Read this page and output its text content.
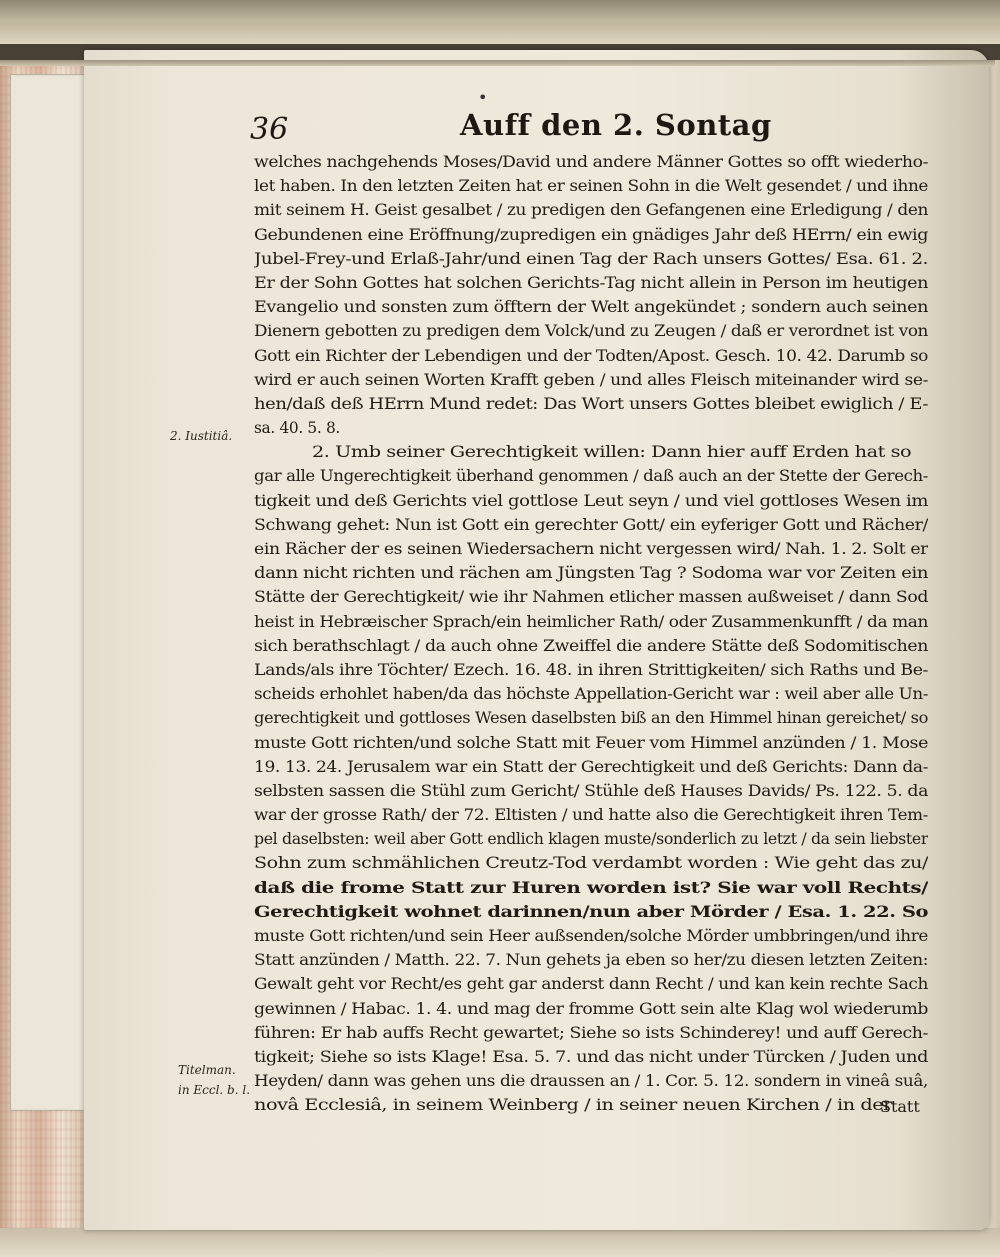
•
36	Auff den 2. Sontag
2. Iustitiâ.
Titelman.
in Eccl. b. l.
welches nachgehends Moses/David und andere Männer Gottes so offt wiederho-
let haben. In den letzten Zeiten hat er seinen Sohn in die Welt gesendet / und ihne
mit seinem H. Geist gesalbet / zu predigen den Gefangenen eine Erledigung / den
Gebundenen eine Eröffnung/zupredigen ein gnädiges Jahr deß HErrn/ ein ewig
Jubel-Frey-und Erlaß-Jahr/und einen Tag der Rach unsers Gottes/ Esa. 61. 2.
Er der Sohn Gottes hat solchen Gerichts-Tag nicht allein in Person im heutigen
Evangelio und sonsten zum öfftern der Welt angekündet ; sondern auch seinen
Dienern gebotten zu predigen dem Volck/und zu Zeugen / daß er verordnet ist von
Gott ein Richter der Lebendigen und der Todten/Apost. Gesch. 10. 42. Darumb so
wird er auch seinen Worten Krafft geben / und alles Fleisch miteinander wird se-
hen/daß deß HErrn Mund redet: Das Wort unsers Gottes bleibet ewiglich / E-
sa. 40. 5. 8.
2. Umb seiner Gerechtigkeit willen: Dann hier auff Erden hat so
gar alle Ungerechtigkeit überhand genommen / daß auch an der Stette der Gerech-
tigkeit und deß Gerichts viel gottlose Leut seyn / und viel gottloses Wesen im
Schwang gehet: Nun ist Gott ein gerechter Gott/ ein eyferiger Gott und Rächer/
ein Rächer der es seinen Wiedersachern nicht vergessen wird/ Nah. 1. 2. Solt er
dann nicht richten und rächen am Jüngsten Tag ? Sodoma war vor Zeiten ein
Stätte der Gerechtigkeit/ wie ihr Nahmen etlicher massen außweiset / dann Sod
heist in Hebræischer Sprach/ein heimlicher Rath/ oder Zusammenkunfft / da man
sich berathschlagt / da auch ohne Zweiffel die andere Stätte deß Sodomitischen
Lands/als ihre Töchter/ Ezech. 16. 48. in ihren Strittigkeiten/ sich Raths und Be-
scheids erhohlet haben/da das höchste Appellation-Gericht war : weil aber alle Un-
gerechtigkeit und gottloses Wesen daselbsten biß an den Himmel hinan gereichet/ so
muste Gott richten/und solche Statt mit Feuer vom Himmel anzünden / 1. Mose
19. 13. 24. Jerusalem war ein Statt der Gerechtigkeit und deß Gerichts: Dann da-
selbsten sassen die Stühl zum Gericht/ Stühle deß Hauses Davids/ Ps. 122. 5. da
war der grosse Rath/ der 72. Eltisten / und hatte also die Gerechtigkeit ihren Tem-
pel daselbsten: weil aber Gott endlich klagen muste/sonderlich zu letzt / da sein liebster
Sohn zum schmählichen Creutz-Tod verdambt worden : Wie geht das zu/
daß die frome Statt zur Huren worden ist? Sie war voll Rechts/
Gerechtigkeit wohnet darinnen/nun aber Mörder / Esa. 1. 22. So
muste Gott richten/und sein Heer außsenden/solche Mörder umbbringen/und ihre
Statt anzünden / Matth. 22. 7. Nun gehets ja eben so her/zu diesen letzten Zeiten:
Gewalt geht vor Recht/es geht gar anderst dann Recht / und kan kein rechte Sach
gewinnen / Habac. 1. 4. und mag der fromme Gott sein alte Klag wol wiederumb
führen: Er hab auffs Recht gewartet; Siehe so ists Schinderey! und auff Gerech-
tigkeit; Siehe so ists Klage! Esa. 5. 7. und das nicht under Türcken / Juden und
Heyden/ dann was gehen uns die draussen an / 1. Cor. 5. 12. sondern in vineâ suâ,
novâ Ecclesiâ, in seinem Weinberg / in seiner neuen Kirchen / in der
Statt
